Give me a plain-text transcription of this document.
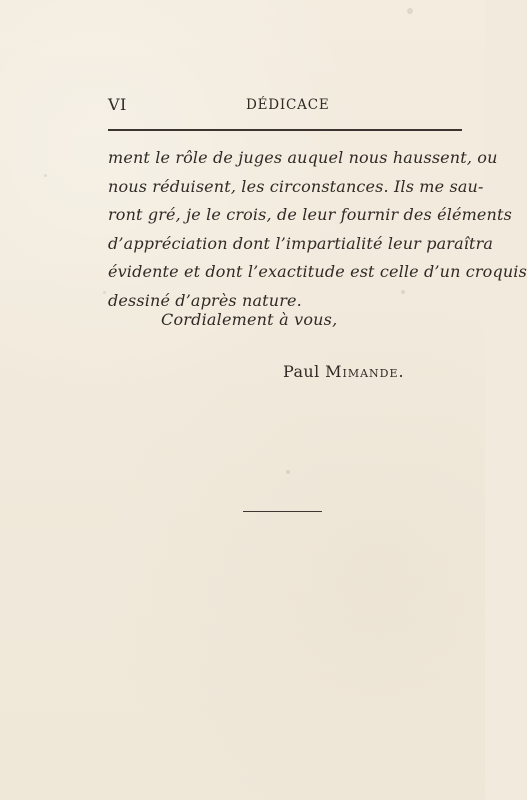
VI	DÉDICACE
ment le rôle de juges auquel nous haussent, ou
nous réduisent, les circonstances. Ils me sau-
ront gré, je le crois, de leur fournir des éléments
d’appréciation dont l’impartialité leur paraîtra
évidente et dont l’exactitude est celle d’un croquis
dessiné d’après nature.
Cordialement à vous,
Paul Mimande.
